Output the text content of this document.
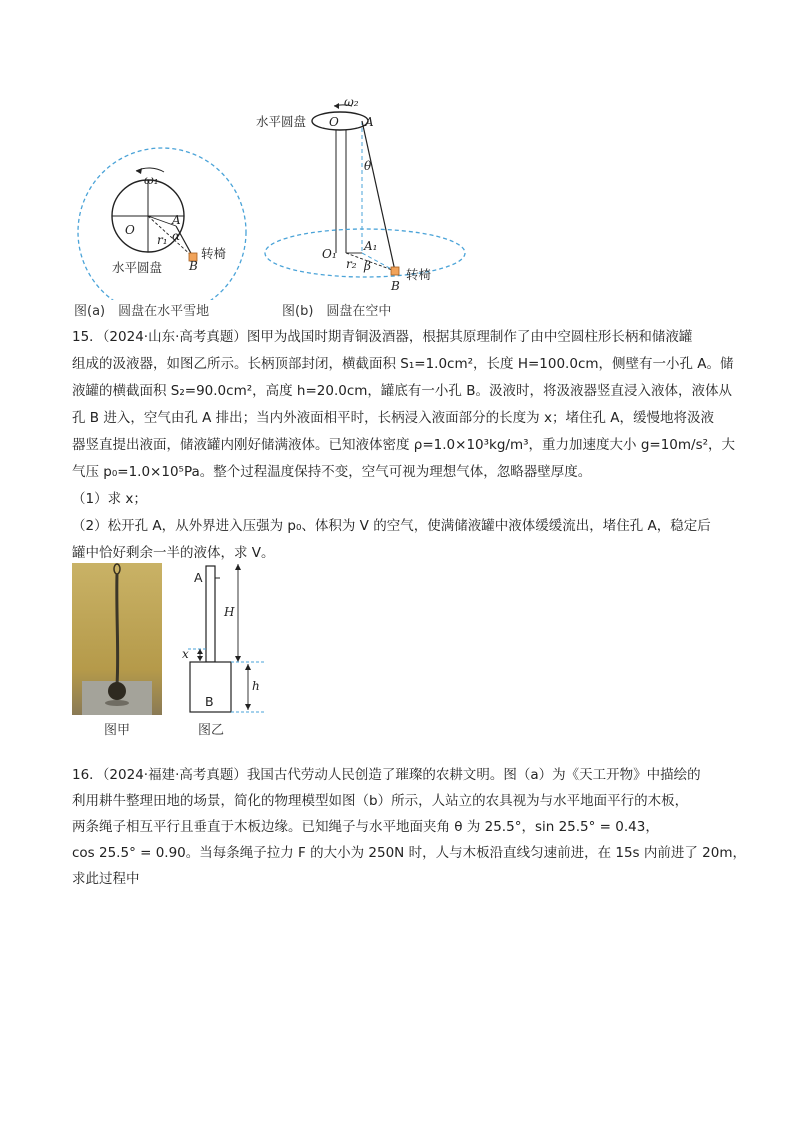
ω₁
O
A
r₁ α
B
转椅
水平圆盘
ω₂
O
水平圆盘	A
θ
O₁
A₁
r₂ β
转椅
B
图(a)　圆盘在水平雪地	图(b)　圆盘在空中
15．（2024·山东·高考真题）图甲为战国时期青铜汲酒器，根据其原理制作了由中空圆柱形长柄和储液罐
组成的汲液器，如图乙所示。长柄顶部封闭，横截面积 S₁=1.0cm²，长度 H=100.0cm，侧壁有一小孔 A。储
液罐的横截面积 S₂=90.0cm²，高度 h=20.0cm，罐底有一小孔 B。汲液时，将汲液器竖直浸入液体，液体从
孔 B 进入，空气由孔 A 排出；当内外液面相平时，长柄浸入液面部分的长度为 x；堵住孔 A，缓慢地将汲液
器竖直提出液面，储液罐内刚好储满液体。已知液体密度 ρ=1.0×10³kg/m³，重力加速度大小 g=10m/s²，大
气压 p₀=1.0×10⁵Pa。整个过程温度保持不变，空气可视为理想气体，忽略器壁厚度。
（1）求 x；
（2）松开孔 A，从外界进入压强为 p₀、体积为 V 的空气，使满储液罐中液体缓缓流出，堵住孔 A，稳定后
罐中恰好剩余一半的液体，求 V。
图甲
A
H
x
h
B
图乙
16．（2024·福建·高考真题）我国古代劳动人民创造了璀璨的农耕文明。图（a）为《天工开物》中描绘的
利用耕牛整理田地的场景，简化的物理模型如图（b）所示，人站立的农具视为与水平地面平行的木板，
两条绳子相互平行且垂直于木板边缘。已知绳子与水平地面夹角 θ 为 25.5°，sin 25.5° = 0.43，
cos 25.5° = 0.90。当每条绳子拉力 F 的大小为 250N 时，人与木板沿直线匀速前进，在 15s 内前进了 20m，
求此过程中
